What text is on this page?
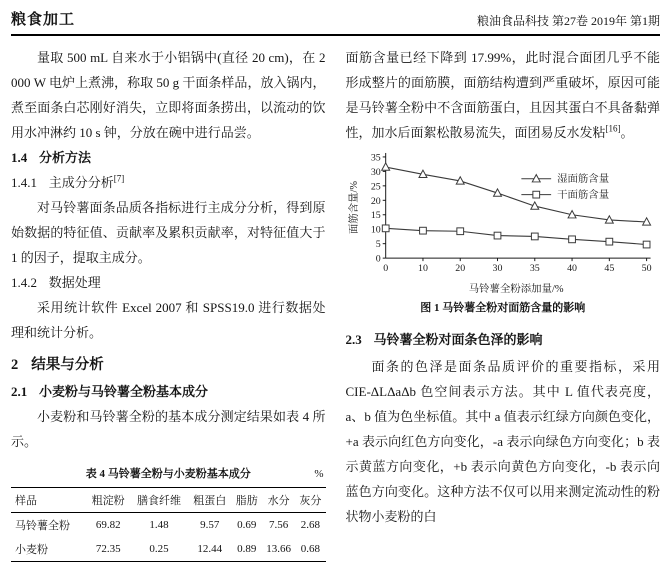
粮食加工	粮油食品科技 第27卷 2019年 第1期

量取 500 mL 自来水于小铝锅中(直径 20 cm)，在 2 000 W 电炉上煮沸，称取 50 g 干面条样品，放入锅内，煮至面条白芯刚好消失，立即将面条捞出，以流动的饮用水冲淋约 10 s 钟，分放在碗中进行品尝。

1.4 分析方法
1.4.1 主成分分析[7]

对马铃薯面条品质各指标进行主成分分析，得到原始数据的特征值、贡献率及累积贡献率，对特征值大于 1 的因子，提取主成分。

1.4.2 数据处理

采用统计软件 Excel 2007 和 SPSS19.0 进行数据处理和统计分析。

2 结果与分析
2.1 小麦粉与马铃薯全粉基本成分

小麦粉和马铃薯全粉的基本成分测定结果如表 4 所示。

表 4 马铃薯全粉与小麦粉基本成分	%
样品	粗淀粉	膳食纤维	粗蛋白	脂肪	水分	灰分
马铃薯全粉	69.82	1.48	9.57	0.69	7.56	2.68
小麦粉	72.35	0.25	12.44	0.89	13.66	0.68

面筋含量已经下降到 17.99%，此时混合面团几乎不能形成整片的面筋膜，面筋结构遭到严重破坏，原因可能是马铃薯全粉中不含面筋蛋白，且因其蛋白不具备黏弹性，加水后面絮松散易流失，面团易反水发粘[16]。

0
5
10
15
20
25
30
35
0	10	20	30	35	40	45	50
马铃薯全粉添加量/%
面筋含量/%
湿面筋含量
干面筋含量
图 1 马铃薯全粉对面筋含量的影响
2.3 马铃薯全粉对面条色泽的影响

面条的色泽是面条品质评价的重要指标，采用 CIE-ΔLΔaΔb 色空间表示方法。其中 L 值代表亮度，a、b 值为色坐标值。其中 a 值表示红绿方向颜色变化，+a 表示向红色方向变化，-a 表示向绿色方向变化；b 表示黄蓝方向变化，+b 表示向黄色方向变化，-b 表示向蓝色方向变化。这种方法不仅可以用来测定流动性的粉状物小麦粉的白
